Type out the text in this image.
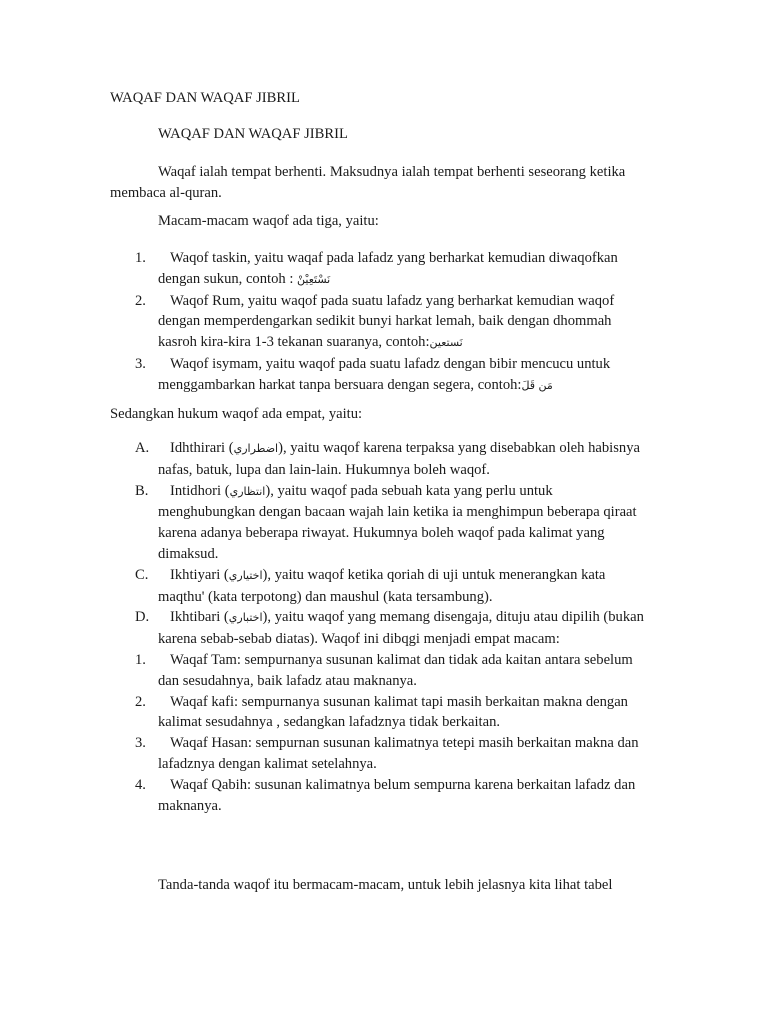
WAQAF DAN WAQAF JIBRIL
WAQAF DAN WAQAF JIBRIL
Waqaf ialah tempat berhenti. Maksudnya ialah tempat berhenti seseorang ketika membaca al-quran.
Macam-macam waqof ada tiga, yaitu:
1. Waqof taskin, yaitu waqaf pada lafadz yang berharkat kemudian diwaqofkan dengan sukun, contoh : نَسْتَعِيْنْ
2. Waqof Rum, yaitu waqof pada suatu lafadz yang berharkat kemudian waqof dengan memperdengarkan sedikit bunyi harkat lemah, baik dengan dhommah kasroh kira-kira 1-3 tekanan suaranya, contoh:نَستعين
3. Waqof isymam, yaitu waqof pada suatu lafadz dengan bibir mencucu untuk menggambarkan harkat tanpa bersuara dengan segera, contoh:مَن قَلَ
Sedangkan hukum waqof ada empat, yaitu:
A. Idhthirari (اضطراري), yaitu waqof karena terpaksa yang disebabkan oleh habisnya nafas, batuk, lupa dan lain-lain. Hukumnya boleh waqof.
B. Intidhori (انتظاري), yaitu waqof pada sebuah kata yang perlu untuk menghubungkan dengan bacaan wajah lain ketika ia menghimpun beberapa qiraat karena adanya beberapa riwayat. Hukumnya boleh waqof pada kalimat yang dimaksud.
C. Ikhtiyari (اختياري), yaitu waqof ketika qoriah di uji untuk menerangkan kata maqthu' (kata terpotong) dan maushul (kata tersambung).
D. Ikhtibari (اختباري), yaitu waqof yang memang disengaja, dituju atau dipilih (bukan karena sebab-sebab diatas). Waqof ini dibqgi menjadi empat macam:
1. Waqaf Tam: sempurnanya susunan kalimat dan tidak ada kaitan antara sebelum dan sesudahnya, baik lafadz atau maknanya.
2. Waqaf kafi: sempurnanya susunan kalimat tapi masih berkaitan makna dengan kalimat sesudahnya , sedangkan lafadznya tidak berkaitan.
3. Waqaf Hasan: sempurnan susunan kalimatnya tetepi masih berkaitan makna dan lafadznya dengan kalimat setelahnya.
4. Waqaf Qabih: susunan kalimatnya belum sempurna karena berkaitan lafadz dan maknanya.
Tanda-tanda waqof itu bermacam-macam, untuk lebih jelasnya kita lihat tabel
